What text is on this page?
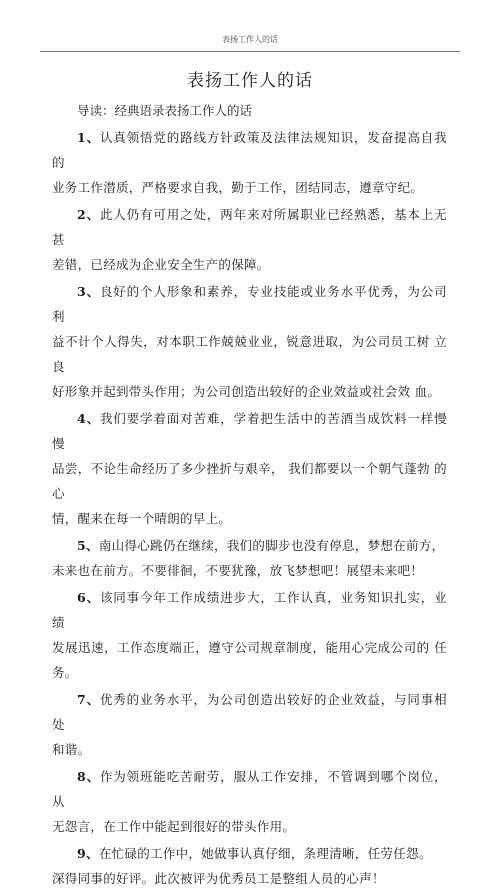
表扬工作人的话
表扬工作人的话

导读：经典语录表扬工作人的话

1、认真领悟党的路线方针政策及法律法规知识，发奋提高自我 的
业务工作潜质，严格要求自我，勤于工作，团结同志，遵章守纪。
2、此人仍有可用之处，两年来对所属职业已经熟悉，基本上无 甚
差错，已经成为企业安全生产的保障。
3、良好的个人形象和素养，专业技能或业务水平优秀，为公司 利
益不计个人得失，对本职工作兢兢业业，锐意进取，为公司员工树 立良
好形象并起到带头作用；为公司创造出较好的企业效益或社会效 血。
4、我们要学着面对苦难，学着把生活中的苦酒当成饮料一样慢 慢
品尝，不论生命经历了多少挫折与艰辛， 我们都要以一个朝气蓬勃 的心
情，醒来在每一个晴朗的早上。
5、南山得心跳仍在继续，我们的脚步也没有停息，梦想在前方，
未来也在前方。不要徘徊，不要犹豫，放飞梦想吧！展望未来吧！
6、该同事今年工作成绩进步大，工作认真，业务知识扎实，业 绩
发展迅速，工作态度端正，遵守公司规章制度，能用心完成公司的 任务。
7、优秀的业务水平，为公司创造出较好的企业效益，与同事相 处
和谐。
8、作为领班能吃苦耐劳，服从工作安排，不管调到哪个岗位， 从
无怨言，在工作中能起到很好的带头作用。
9、在忙碌的工作中，她做事认真仔细，条理清晰，任劳任怨。
深得同事的好评。此次被评为优秀员工是整组人员的心声！
